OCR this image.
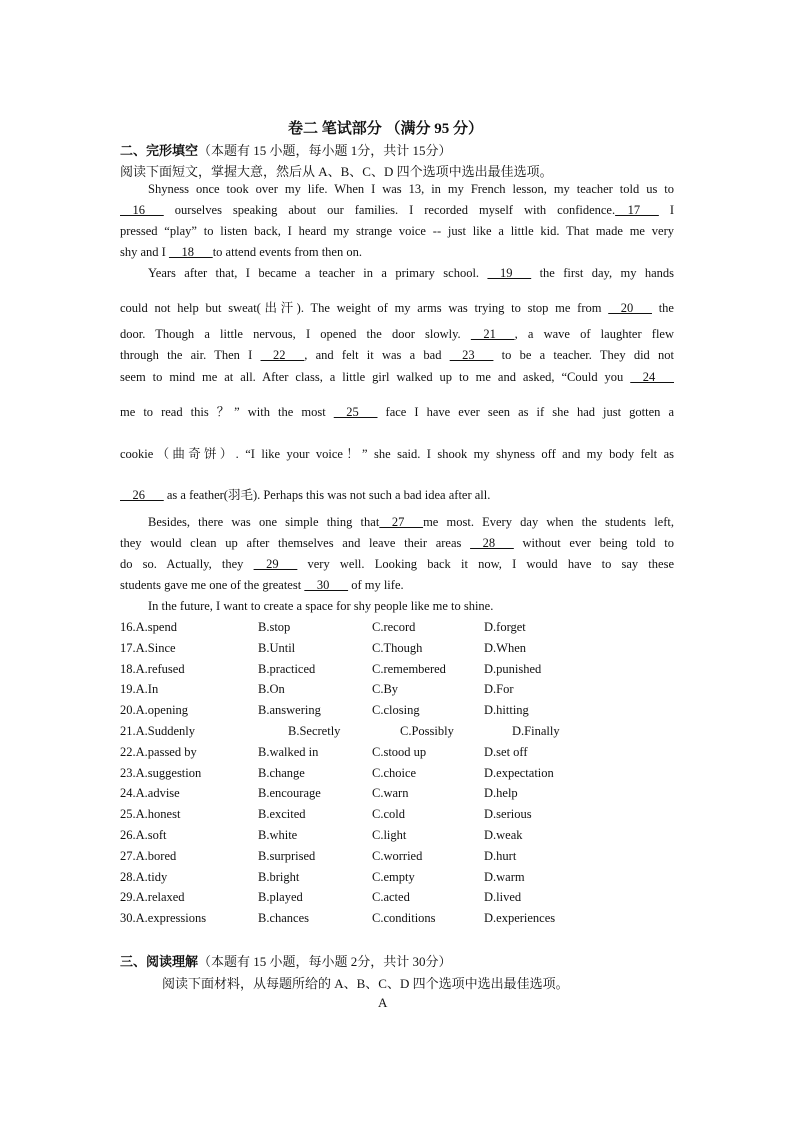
卷二 笔试部分 （满分 95 分）
二、完形填空（本题有 15 小题，每小题 1分，共计 15分）
阅读下面短文，掌握大意，然后从 A、B、C、D 四个选项中选出最佳选项。
Shyness once took over my life. When I was 13, in my French lesson, my teacher told us to
 16   ourselves speaking about our families. I recorded myself with confidence. 17   I
pressed “play” to listen back, I heard my strange voice -- just like a little kid. That made me very
shy and I  18  to attend events from then on.
Years after that, I became a teacher in a primary school.  19   the first day, my hands
could not help but sweat(出汗). The weight of my arms was trying to stop me from  20   the
door. Though a little nervous, I opened the door slowly.  21  , a wave of laughter flew
through the air. Then I  22  , and felt it was a bad  23   to be a teacher. They did not
seem to mind me at all. After class, a little girl walked up to me and asked, “Could you  24  
me to read this ？” with the most  25   face I have ever seen as if she had just gotten a
cookie（曲奇饼）. “I like your voice！” she said. I shook my shyness off and my body felt as
 26   as a feather(羽毛). Perhaps this was not such a bad idea after all.
Besides, there was one simple thing that 27  me most. Every day when the students left,
they would clean up after themselves and leave their areas  28   without ever being told to
do so. Actually, they  29   very well. Looking back it now, I would have to say these
students gave me one of the greatest  30   of my life.
In the future, I want to create a space for shy people like me to shine.
16.A.spend	B.stop	C.record	D.forget
17.A.Since	B.Until	C.Though	D.When
18.A.refused	B.practiced	C.remembered	D.punished
19.A.In	B.On	C.By	D.For
20.A.opening	B.answering	C.closing	D.hitting
21.A.Suddenly	B.Secretly	C.Possibly	D.Finally
22.A.passed by	B.walked in	C.stood up	D.set off
23.A.suggestion	B.change	C.choice	D.expectation
24.A.advise	B.encourage	C.warn	D.help
25.A.honest	B.excited	C.cold	D.serious
26.A.soft	B.white	C.light	D.weak
27.A.bored	B.surprised	C.worried	D.hurt
28.A.tidy	B.bright	C.empty	D.warm
29.A.relaxed	B.played	C.acted	D.lived
30.A.expressions	B.chances	C.conditions	D.experiences
三、阅读理解（本题有 15 小题，每小题 2分，共计 30分）
阅读下面材料，从每题所给的 A、B、C、D 四个选项中选出最佳选项。
A
